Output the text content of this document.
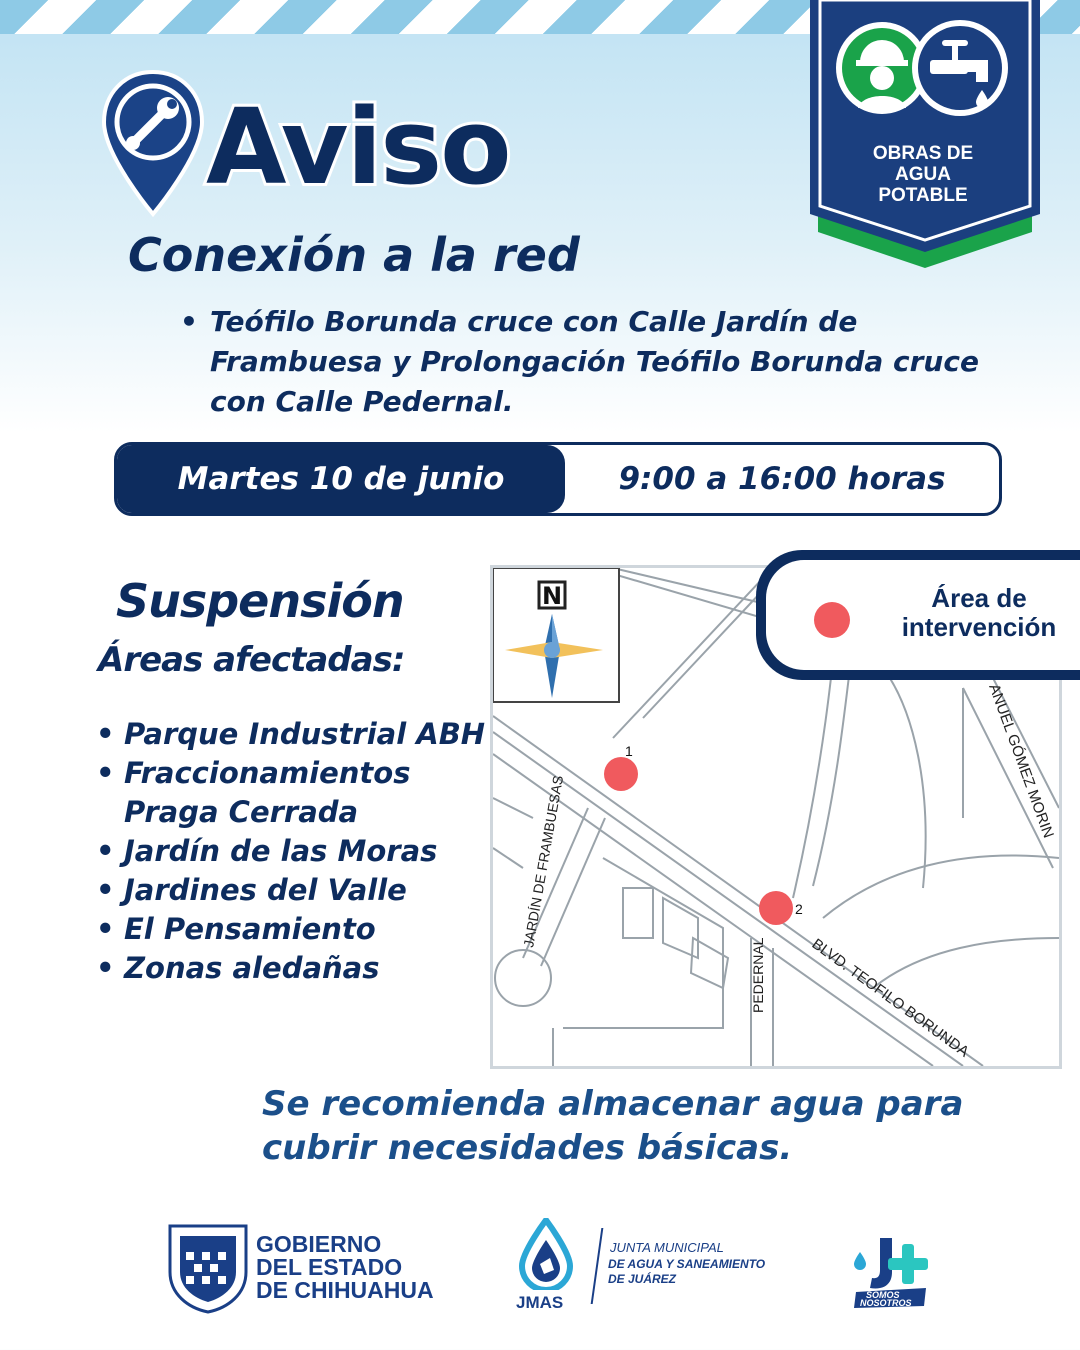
Aviso
Conexión a la red
• Teófilo Borunda cruce con Calle Jardín de Frambuesa y Prolongación Teófilo Borunda cruce con Calle Pedernal.
OBRAS DE
AGUA
POTABLE
Martes 10 de junio	9:00 a 16:00 horas
Suspensión
Áreas afectadas:
• Parque Industrial ABH
• Fraccionamientos Praga Cerrada
• Jardín de las Moras
• Jardines del Valle
• El Pensamiento
• Zonas aledañas
N
JARDÍN DE FRAMBUESAS
PEDERNAL	BLVD. TEOFILO BORUNDA
ANUEL GÓMEZ MORIN
1
2
Área de
intervención

Se recomienda almacenar agua para cubrir necesidades básicas.

GOBIERNO
DEL ESTADO
DE CHIHUAHUA	JMAS
JUNTA MUNICIPAL
DE AGUA Y SANEAMIENTO
DE JUÁREZ
SOMOS
NOSOTROS
